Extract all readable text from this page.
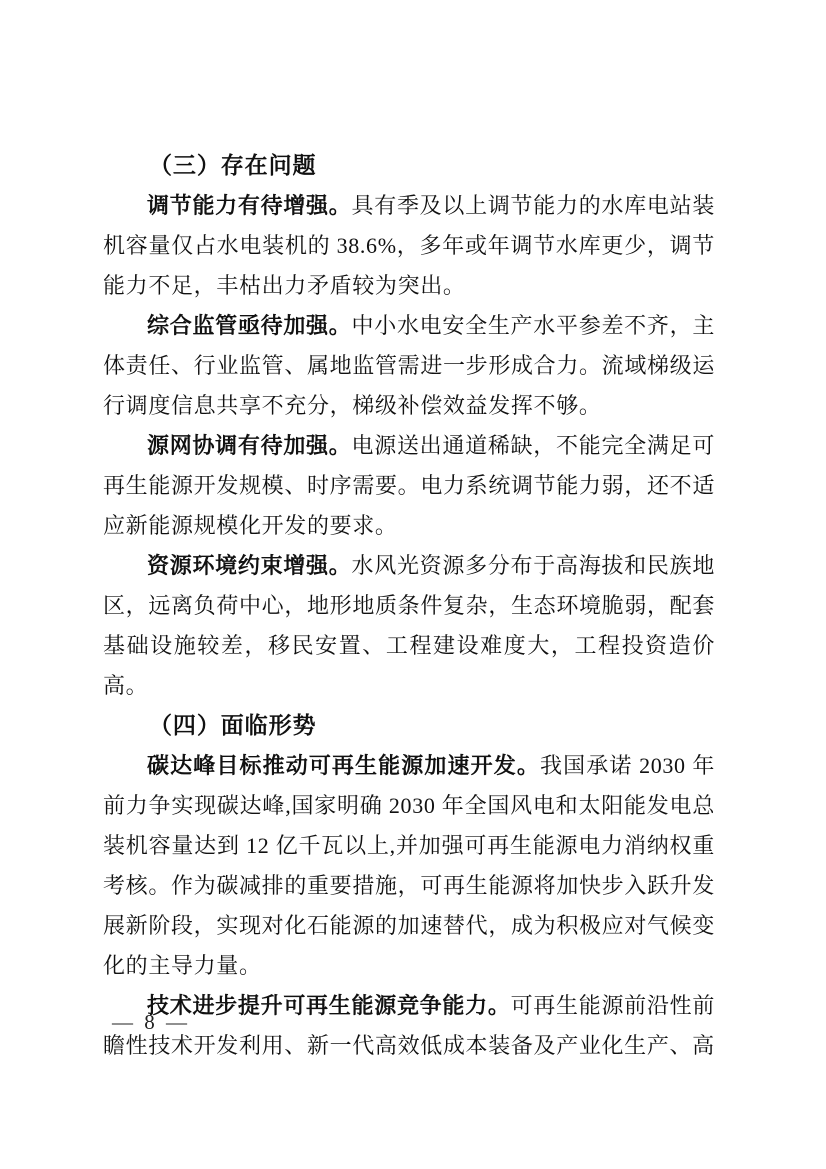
（三）存在问题

调节能力有待增强。具有季及以上调节能力的水库电站装机容量仅占水电装机的 38.6%，多年或年调节水库更少，调节能力不足，丰枯出力矛盾较为突出。

综合监管亟待加强。中小水电安全生产水平参差不齐，主体责任、行业监管、属地监管需进一步形成合力。流域梯级运行调度信息共享不充分，梯级补偿效益发挥不够。

源网协调有待加强。电源送出通道稀缺，不能完全满足可再生能源开发规模、时序需要。电力系统调节能力弱，还不适应新能源规模化开发的要求。

资源环境约束增强。水风光资源多分布于高海拔和民族地区，远离负荷中心，地形地质条件复杂，生态环境脆弱，配套基础设施较差，移民安置、工程建设难度大，工程投资造价高。

（四）面临形势

碳达峰目标推动可再生能源加速开发。我国承诺 2030 年前力争实现碳达峰,国家明确 2030 年全国风电和太阳能发电总装机容量达到 12 亿千瓦以上,并加强可再生能源电力消纳权重考核。作为碳减排的重要措施，可再生能源将加快步入跃升发展新阶段，实现对化石能源的加速替代，成为积极应对气候变化的主导力量。

技术进步提升可再生能源竞争能力。可再生能源前沿性前瞻性技术开发利用、新一代高效低成本装备及产业化生产、高

— 8 —
